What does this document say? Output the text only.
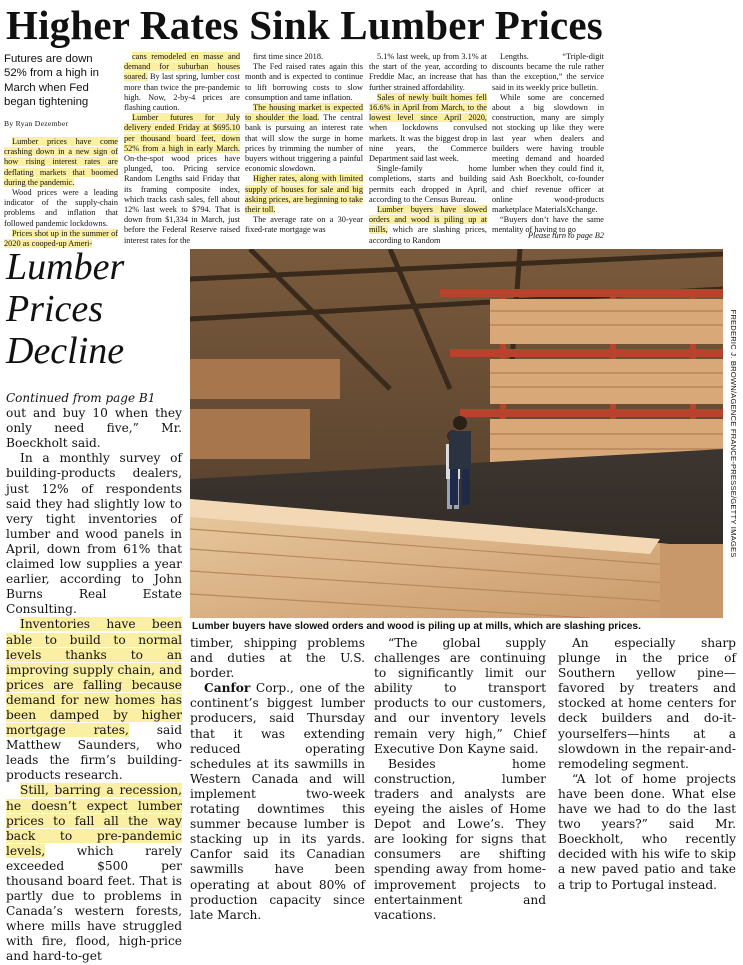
Higher Rates Sink Lumber Prices
Futures are down 52% from a high in March when Fed began tightening
By Ryan Dezember

Lumber prices have come crashing down in a new sign of how rising interest rates are deflating markets that boomed during the pandemic.

Wood prices were a leading indicator of the supply-chain problems and inflation that followed pandemic lockdowns.

Prices shot up in the summer of 2020 as cooped-up Ameri-

cans remodeled en masse and demand for suburban houses soared. By last spring, lumber cost more than twice the pre-pandemic high. Now, 2-by-4 prices are flashing caution.

Lumber futures for July delivery ended Friday at $695.10 per thousand board feet, down 52% from a high in early March. On-the-spot wood prices have plunged, too. Pricing service Random Lengths said Friday that its framing composite index, which tracks cash sales, fell about 12% last week to $794. That is down from $1,334 in March, just before the Federal Reserve raised interest rates for the

first time since 2018.

The Fed raised rates again this month and is expected to continue to lift borrowing costs to slow consumption and tame inflation.

The housing market is expected to shoulder the load. The central bank is pursuing an interest rate that will slow the surge in home prices by trimming the number of buyers without triggering a painful economic slowdown.

Higher rates, along with limited supply of houses for sale and big asking prices, are beginning to take their toll.

The average rate on a 30-year fixed-rate mortgage was

5.1% last week, up from 3.1% at the start of the year, according to Freddie Mac, an increase that has further strained affordability.

Sales of newly built homes fell 16.6% in April from March, to the lowest level since April 2020, when lockdowns convulsed markets. It was the biggest drop in nine years, the Commerce Department said last week.

Single-family home completions, starts and building permits each dropped in April, according to the Census Bureau.

Lumber buyers have slowed orders and wood is piling up at mills, which are slashing prices, according to Random

Lengths. “Triple-digit discounts became the rule rather than the exception,” the service said in its weekly price bulletin.

While some are concerned about a big slowdown in construction, many are simply not stocking up like they were last year when dealers and builders were having trouble meeting demand and hoarded lumber when they could find it, said Ash Boeckholt, co-founder and chief revenue officer at online wood-products marketplace MaterialsXchange.

“Buyers don’t have the same mentality of having to go

Please turn to page B2
Lumber
Prices
Decline
Continued from page B1

out and buy 10 when they only need five,” Mr. Boeckholt said.

In a monthly survey of building-products dealers, just 12% of respondents said they had slightly low to very tight inventories of lumber and wood panels in April, down from 61% that claimed low supplies a year earlier, according to John Burns Real Estate Consulting.

Inventories have been able to build to normal levels thanks to an improving supply chain, and prices are falling because demand for new homes has been damped by higher mortgage rates, said Matthew Saunders, who leads the firm’s building-products research.

Still, barring a recession, he doesn’t expect lumber prices to fall all the way back to pre-pandemic levels, which rarely exceeded $500 per thousand board feet. That is partly due to problems in Canada’s western forests, where mills have struggled with fire, flood, high-price and hard-to-get

FREDERIC J. BROWN/AGENCE FRANCE-PRESSE/GETTY IMAGES
Lumber buyers have slowed orders and wood is piling up at mills, which are slashing prices.

timber, shipping problems and duties at the U.S. border.

Canfor Corp., one of the continent’s biggest lumber producers, said Thursday that it was extending reduced operating schedules at its sawmills in Western Canada and will implement two-week rotating downtimes this summer because lumber is stacking up in its yards. Canfor said its Canadian sawmills have been operating at about 80% of production capacity since late March.

“The global supply challenges are continuing to significantly limit our ability to transport products to our customers, and our inventory levels remain very high,” Chief Executive Don Kayne said.

Besides home construction, lumber traders and analysts are eyeing the aisles of Home Depot and Lowe’s. They are looking for signs that consumers are shifting spending away from home-improvement projects to entertainment and vacations.

An especially sharp plunge in the price of Southern yellow pine—favored by treaters and stocked at home centers for deck builders and do-it-yourselfers—hints at a slowdown in the repair-and-remodeling segment.

“A lot of home projects have been done. What else have we had to do the last two years?” said Mr. Boeckholt, who recently decided with his wife to skip a new paved patio and take a trip to Portugal instead.
